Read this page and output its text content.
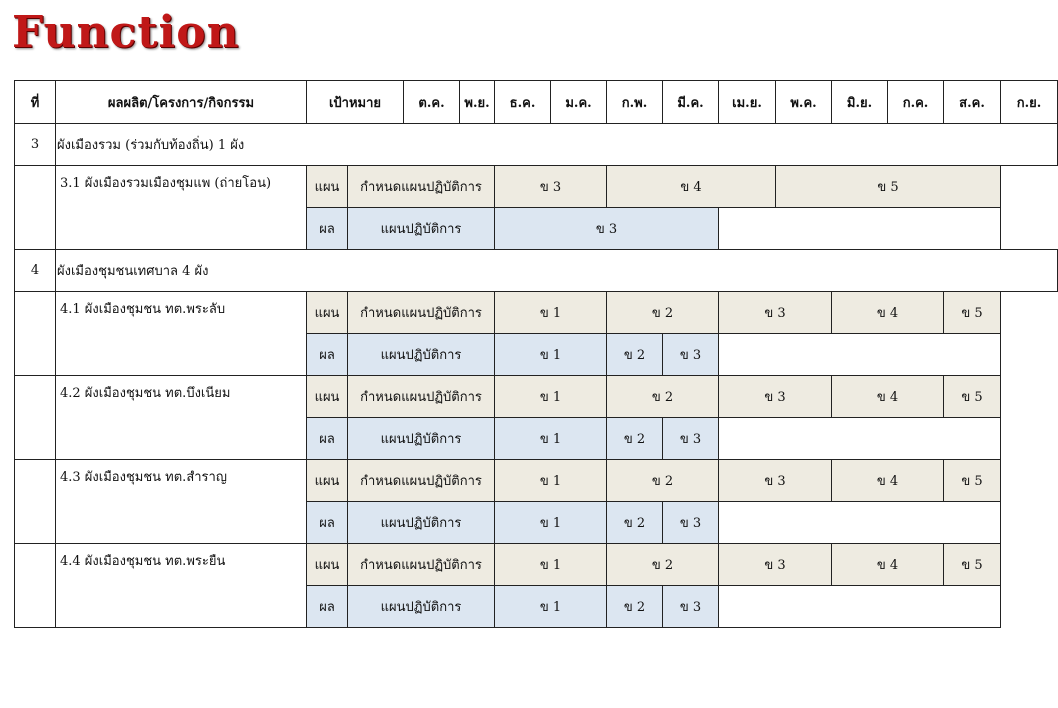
Function
ที่	ผลผลิต/โครงการ/กิจกรรม	เป้าหมาย		ต.ค.	พ.ย.	ธ.ค.	ม.ค.	ก.พ.	มี.ค.	เม.ย.	พ.ค.	มิ.ย.	ก.ค.	ส.ค.	ก.ย.
3	ผังเมืองรวม (ร่วมกับท้องถิ่น) 1 ผัง														
	3.1 ผังเมืองรวมเมืองชุมแพ (ถ่ายโอน)	แผน	กำหนดแผนปฏิบัติการ			ข 3		ข 4			ข 5				
		ผล	แผนปฏิบัติการ			ข 3									
4	ผังเมืองชุมชนเทศบาล 4 ผัง														
	4.1 ผังเมืองชุมชน ทต.พระลับ	แผน	กำหนดแผนปฏิบัติการ			ข 1		ข 2		ข 3		ข 4		ข 5	
		ผล	แผนปฏิบัติการ			ข 1		ข 2	ข 3						
	4.2 ผังเมืองชุมชน ทต.บึงเนียม	แผน	กำหนดแผนปฏิบัติการ			ข 1		ข 2		ข 3		ข 4		ข 5	
		ผล	แผนปฏิบัติการ			ข 1		ข 2	ข 3						
	4.3 ผังเมืองชุมชน ทต.สำราญ	แผน	กำหนดแผนปฏิบัติการ			ข 1		ข 2		ข 3		ข 4		ข 5	
		ผล	แผนปฏิบัติการ			ข 1		ข 2	ข 3						
	4.4 ผังเมืองชุมชน ทต.พระยืน	แผน	กำหนดแผนปฏิบัติการ			ข 1		ข 2		ข 3		ข 4		ข 5	
		ผล	แผนปฏิบัติการ			ข 1		ข 2	ข 3						
